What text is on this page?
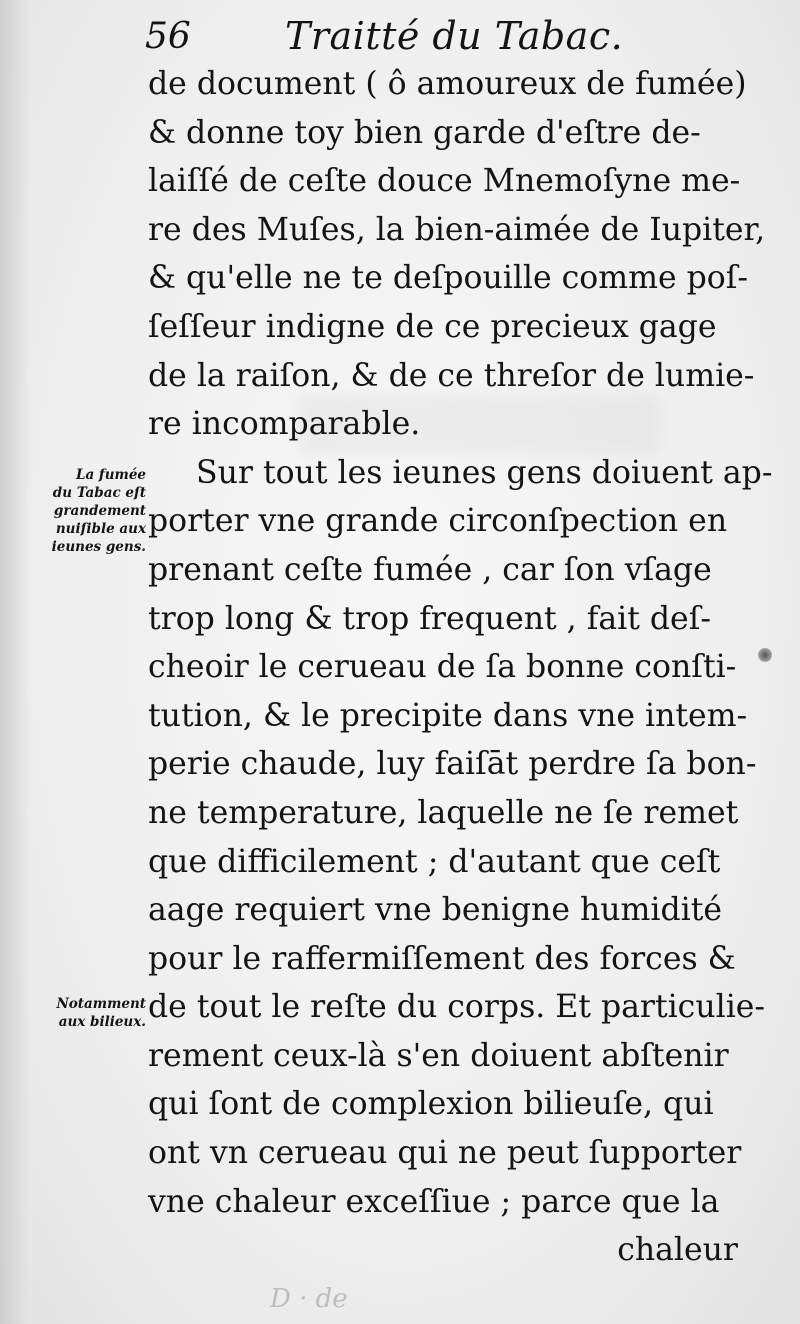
56 Traitté du Tabac.
de document ( ô amoureux de fumée)
& donne toy bien garde d'eſtre de-
laiſſé de ceſte douce Mnemoſyne me-
re des Muſes, la bien-aimée de Iupiter,
& qu'elle ne te deſpouille comme poſ-
ſeſſeur indigne de ce precieux gage
de la raiſon, & de ce threſor de lumie-
re incomparable.
Sur tout les ieunes gens doiuent ap-
porter vne grande circonſpection en
prenant ceſte fumée , car ſon vſage
trop long & trop frequent , fait deſ-
cheoir le cerueau de ſa bonne conſti-
tution, & le precipite dans vne intem-
perie chaude, luy faiſāt perdre ſa bon-
ne temperature, laquelle ne ſe remet
que difficilement ; d'autant que ceſt
aage requiert vne benigne humidité
pour le raffermiſſement des forces &
de tout le reſte du corps. Et particulie-
rement ceux-là s'en doiuent abſtenir
qui ſont de complexion bilieuſe, qui
ont vn cerueau qui ne peut ſupporter
vne chaleur exceſſiue ; parce que la
chaleur
La fumée
du Tabac eſt
grandement
nuiſible aux
ieunes gens.
Notamment
aux bilieux.
D · de
